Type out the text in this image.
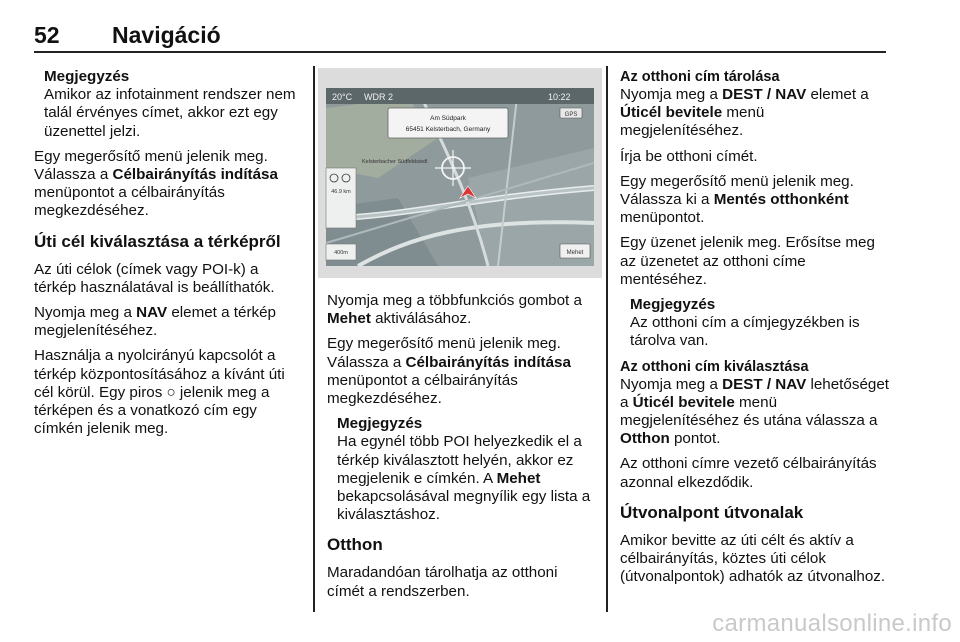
52 Navigáció
Megjegyzés
Amikor az infotainment rendszer nem talál érvényes címet, akkor ezt egy üzenettel jelzi.

Egy megerősítő menü jelenik meg. Válassza a Célbairányítás indítása menüpontot a célbairányítás megkezdéséhez.

Úti cél kiválasztása a térképről

Az úti célok (címek vagy POI-k) a térkép használatával is beállíthatók.

Nyomja meg a NAV elemet a térkép megjelenítéséhez.

Használja a nyolcirányú kapcsolót a térkép központosításához a kívánt úti cél körül. Egy piros ○ jelenik meg a térképen és a vonatkozó cím egy címkén jelenik meg.

20°C WDR 2	10:22
Am Südpark
65451 Kelsterbach, Germany
GPS
Kelsterbacher Südfeldsiedl
46.9 km
400m	Mehet

Nyomja meg a többfunkciós gombot a Mehet aktiválásához.

Egy megerősítő menü jelenik meg. Válassza a Célbairányítás indítása menüpontot a célbairányítás megkezdéséhez.

Megjegyzés
Ha egynél több POI helyezkedik el a térkép kiválasztott helyén, akkor ez megjelenik e címkén. A Mehet bekapcsolásával megnyílik egy lista a kiválasztáshoz.
Otthon

Maradandóan tárolhatja az otthoni címét a rendszerben.

Az otthoni cím tárolása

Nyomja meg a DEST / NAV elemet a Úticél bevitele menü megjelenítéséhez.

Írja be otthoni címét.

Egy megerősítő menü jelenik meg. Válassza ki a Mentés otthonként menüpontot.

Egy üzenet jelenik meg. Erősítse meg az üzenetet az otthoni címe mentéséhez.

Megjegyzés
Az otthoni cím a címjegyzékben is tárolva van.
Az otthoni cím kiválasztása

Nyomja meg a DEST / NAV lehetőséget a Úticél bevitele menü megjelenítéséhez és utána válassza a Otthon pontot.

Az otthoni címre vezető célbairányítás azonnal elkezdődik.

Útvonalpont útvonalak

Amikor bevitte az úti célt és aktív a célbairányítás, köztes úti célok (útvonalpontok) adhatók az útvonalhoz.

carmanualsonline.info
